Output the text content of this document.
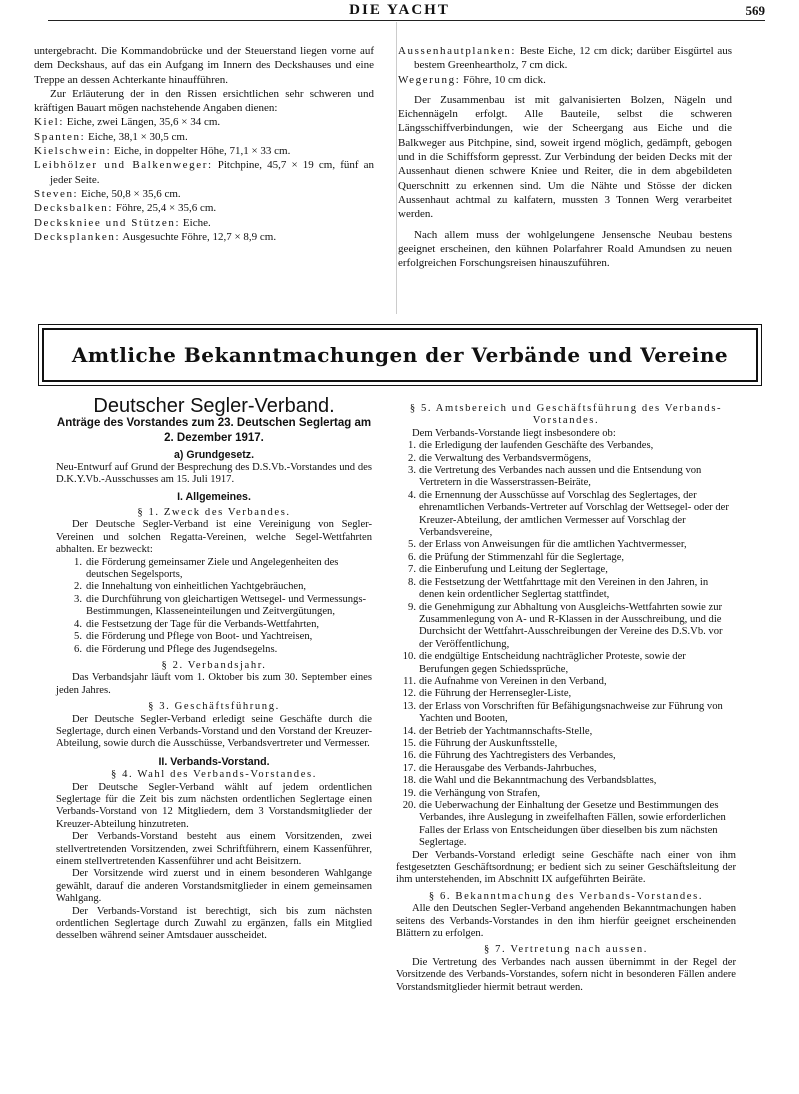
DIE YACHT	569

untergebracht. Die Kommandobrücke und der Steuerstand liegen vorne auf dem Deckshaus, auf das ein Aufgang im Innern des Deckshauses und eine Treppe an dessen Achterkante hinaufführen.

Zur Erläuterung der in den Rissen ersichtlichen sehr schweren und kräftigen Bauart mögen nachstehende Angaben dienen:

Kiel: Eiche, zwei Längen, 35,6 × 34 cm.

Spanten: Eiche, 38,1 × 30,5 cm.

Kielschwein: Eiche, in doppelter Höhe, 71,1 × 33 cm.

Leibhölzer und Balkenweger: Pitchpine, 45,7 × 19 cm, fünf an jeder Seite.

Steven: Eiche, 50,8 × 35,6 cm.

Decksbalken: Föhre, 25,4 × 35,6 cm.

Deckskniee und Stützen: Eiche.

Decksplanken: Ausgesuchte Föhre, 12,7 × 8,9 cm.

Aussenhautplanken: Beste Eiche, 12 cm dick; darüber Eisgürtel aus bestem Greenheartholz, 7 cm dick.

Wegerung: Föhre, 10 cm dick.

Der Zusammenbau ist mit galvanisierten Bolzen, Nägeln und Eichennägeln erfolgt. Alle Bauteile, selbst die schweren Längsschiffverbindungen, wie der Scheergang aus Eiche und die Balkweger aus Pitchpine, sind, soweit irgend möglich, gedämpft, gebogen und in die Schiffsform gepresst. Zur Verbindung der beiden Decks mit der Aussenhaut dienen schwere Kniee und Reiter, die in dem abgebildeten Querschnitt zu erkennen sind. Um die Nähte und Stösse der dicken Aussenhaut achtmal zu kalfatern, mussten 3 Tonnen Werg verarbeitet werden.

Nach allem muss der wohlgelungene Jensensche Neubau bestens geeignet erscheinen, den kühnen Polarfahrer Roald Amundsen zu neuen erfolgreichen Forschungsreisen hinauszuführen.

Amtliche Bekanntmachungen der Verbände und Vereine
Deutscher Segler-Verband.
Anträge des Vorstandes zum 23. Deutschen Seglertag am 2. Dezember 1917.
a) Grundgesetz.

Neu-Entwurf auf Grund der Besprechung des D.S.Vb.-Vorstandes und des D.K.Y.Vb.-Ausschusses am 15. Juli 1917.

I. Allgemeines.
§ 1. Zweck des Verbandes.

Der Deutsche Segler-Verband ist eine Vereinigung von Segler-Vereinen und solchen Regatta-Vereinen, welche Segel-Wettfahrten abhalten. Er bezweckt:

1. die Förderung gemeinsamer Ziele und Angelegenheiten des deutschen Segelsports,
2. die Innehaltung von einheitlichen Yachtgebräuchen,
3. die Durchführung von gleichartigen Wettsegel- und Vermessungs-Bestimmungen, Klasseneinteilungen und Zeitvergütungen,
4. die Festsetzung der Tage für die Verbands-Wettfahrten,
5. die Förderung und Pflege von Boot- und Yachtreisen,
6. die Förderung und Pflege des Jugendsegelns.
§ 2. Verbandsjahr.

Das Verbandsjahr läuft vom 1. Oktober bis zum 30. September eines jeden Jahres.

§ 3. Geschäftsführung.

Der Deutsche Segler-Verband erledigt seine Geschäfte durch die Seglertage, durch einen Verbands-Vorstand und den Vorstand der Kreuzer-Abteilung, sowie durch die Ausschüsse, Verbandsvertreter und Vermesser.

II. Verbands-Vorstand.
§ 4. Wahl des Verbands-Vorstandes.

Der Deutsche Segler-Verband wählt auf jedem ordentlichen Seglertage für die Zeit bis zum nächsten ordentlichen Seglertage einen Verbands-Vorstand von 12 Mitgliedern, dem 3 Vorstandsmitglieder der Kreuzer-Abteilung hinzutreten.

Der Verbands-Vorstand besteht aus einem Vorsitzenden, zwei stellvertretenden Vorsitzenden, zwei Schriftführern, einem Kassenführer, einem stellvertretenden Kassenführer und acht Beisitzern.

Der Vorsitzende wird zuerst und in einem besonderen Wahlgange gewählt, darauf die anderen Vorstandsmitglieder in einem gemeinsamen Wahlgang.

Der Verbands-Vorstand ist berechtigt, sich bis zum nächsten ordentlichen Seglertage durch Zuwahl zu ergänzen, falls ein Mitglied desselben während seiner Amtsdauer ausscheidet.

§ 5. Amtsbereich und Geschäftsführung des Verbands-Vorstandes.

Dem Verbands-Vorstande liegt insbesondere ob:

1. die Erledigung der laufenden Geschäfte des Verbandes,
2. die Verwaltung des Verbandsvermögens,
3. die Vertretung des Verbandes nach aussen und die Entsendung von Vertretern in die Wasserstrassen-Beiräte,
4. die Ernennung der Ausschüsse auf Vorschlag des Seglertages, der ehrenamtlichen Verbands-Vertreter auf Vorschlag der Wettsegel- oder der Kreuzer-Abteilung, der amtlichen Vermesser auf Vorschlag der Verbandsvereine,
5. der Erlass von Anweisungen für die amtlichen Yachtvermesser,
6. die Prüfung der Stimmenzahl für die Seglertage,
7. die Einberufung und Leitung der Seglertage,
8. die Festsetzung der Wettfahrttage mit den Vereinen in den Jahren, in denen kein ordentlicher Seglertag stattfindet,
9. die Genehmigung zur Abhaltung von Ausgleichs-Wettfahrten sowie zur Zusammenlegung von A- und R-Klassen in der Ausschreibung, und die Durchsicht der Wettfahrt-Ausschreibungen der Vereine des D.S.Vb. vor der Veröffentlichung,
10. die endgültige Entscheidung nachträglicher Proteste, sowie der Berufungen gegen Schiedssprüche,
11. die Aufnahme von Vereinen in den Verband,
12. die Führung der Herrensegler-Liste,
13. der Erlass von Vorschriften für Befähigungsnachweise zur Führung von Yachten und Booten,
14. der Betrieb der Yachtmannschafts-Stelle,
15. die Führung der Auskunftsstelle,
16. die Führung des Yachtregisters des Verbandes,
17. die Herausgabe des Verbands-Jahrbuches,
18. die Wahl und die Bekanntmachung des Verbandsblattes,
19. die Verhängung von Strafen,
20. die Ueberwachung der Einhaltung der Gesetze und Bestimmungen des Verbandes, ihre Auslegung in zweifelhaften Fällen, sowie erforderlichen Falles der Erlass von Entscheidungen über dieselben bis zum nächsten Seglertage.

Der Verbands-Vorstand erledigt seine Geschäfte nach einer von ihm festgesetzten Geschäftsordnung; er bedient sich zu seiner Geschäftsleitung der ihm unterstehenden, im Abschnitt IX aufgeführten Beiräte.

§ 6. Bekanntmachung des Verbands-Vorstandes.

Alle den Deutschen Segler-Verband angehenden Bekanntmachungen haben seitens des Verbands-Vorstandes in den ihm hierfür geeignet erscheinenden Blättern zu erfolgen.

§ 7. Vertretung nach aussen.

Die Vertretung des Verbandes nach aussen übernimmt in der Regel der Vorsitzende des Verbands-Vorstandes, sofern nicht in besonderen Fällen andere Vorstandsmitglieder hiermit betraut werden.
